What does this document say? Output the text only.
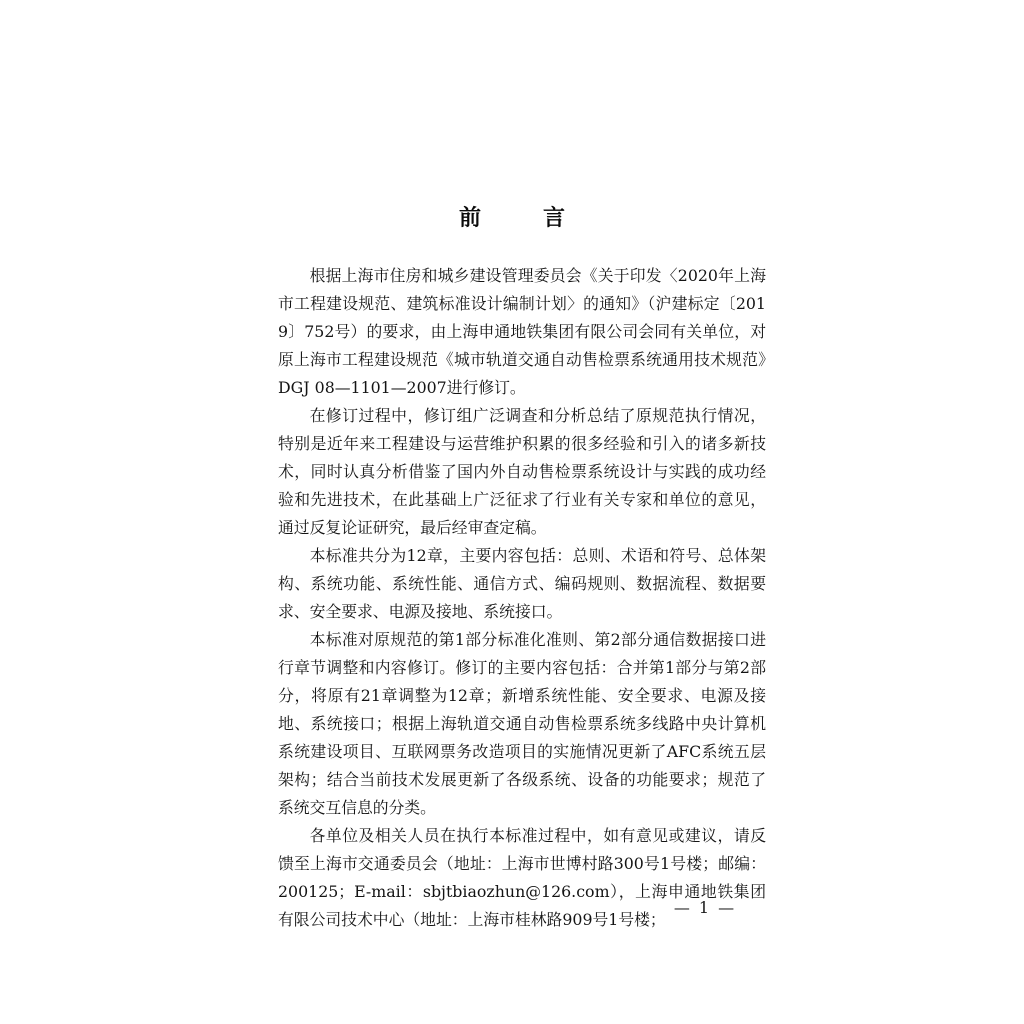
前　言

根据上海市住房和城乡建设管理委员会《关于印发〈2020年上海市工程建设规范、建筑标准设计编制计划〉的通知》（沪建标定〔2019〕752号）的要求，由上海申通地铁集团有限公司会同有关单位，对原上海市工程建设规范《城市轨道交通自动售检票系统通用技术规范》DGJ 08—1101—2007进行修订。

在修订过程中，修订组广泛调查和分析总结了原规范执行情况，特别是近年来工程建设与运营维护积累的很多经验和引入的诸多新技术，同时认真分析借鉴了国内外自动售检票系统设计与实践的成功经验和先进技术，在此基础上广泛征求了行业有关专家和单位的意见，通过反复论证研究，最后经审查定稿。

本标准共分为12章，主要内容包括：总则、术语和符号、总体架构、系统功能、系统性能、通信方式、编码规则、数据流程、数据要求、安全要求、电源及接地、系统接口。

本标准对原规范的第1部分标准化准则、第2部分通信数据接口进行章节调整和内容修订。修订的主要内容包括：合并第1部分与第2部分，将原有21章调整为12章；新增系统性能、安全要求、电源及接地、系统接口；根据上海轨道交通自动售检票系统多线路中央计算机系统建设项目、互联网票务改造项目的实施情况更新了AFC系统五层架构；结合当前技术发展更新了各级系统、设备的功能要求；规范了系统交互信息的分类。

各单位及相关人员在执行本标准过程中，如有意见或建议，请反馈至上海市交通委员会（地址：上海市世博村路300号1号楼；邮编：200125；E-mail：sbjtbiaozhun@126.com），上海申通地铁集团有限公司技术中心（地址：上海市桂林路909号1号楼；

— 1 —
